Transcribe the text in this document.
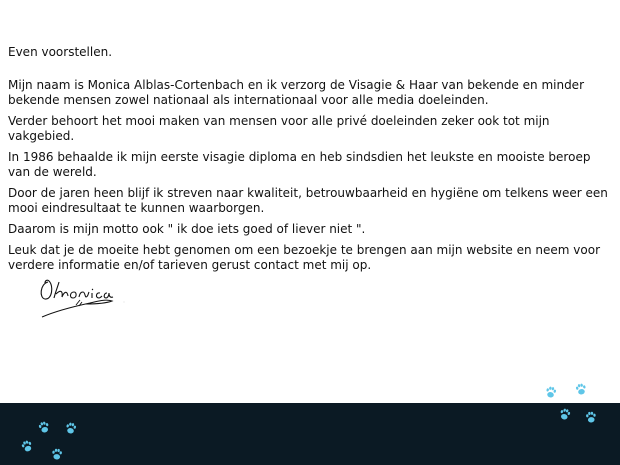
Even voorstellen.

Mijn naam is Monica Alblas-Cortenbach en ik verzorg de Visagie & Haar van bekende en minder bekende mensen zowel nationaal als internationaal voor alle media doeleinden.

Verder behoort het mooi maken van mensen voor alle privé doeleinden zeker ook tot mijn vakgebied.

In 1986 behaalde ik mijn eerste visagie diploma en heb sindsdien het leukste en mooiste beroep van de wereld.

Door de jaren heen blijf ik streven naar kwaliteit, betrouwbaarheid en hygiëne om telkens weer een mooi eindresultaat te kunnen waarborgen.

Daarom is mijn motto ook " ik doe iets goed of liever niet ".

Leuk dat je de moeite hebt genomen om een bezoekje te brengen aan mijn website en neem voor verdere informatie en/of tarieven gerust contact met mij op.
